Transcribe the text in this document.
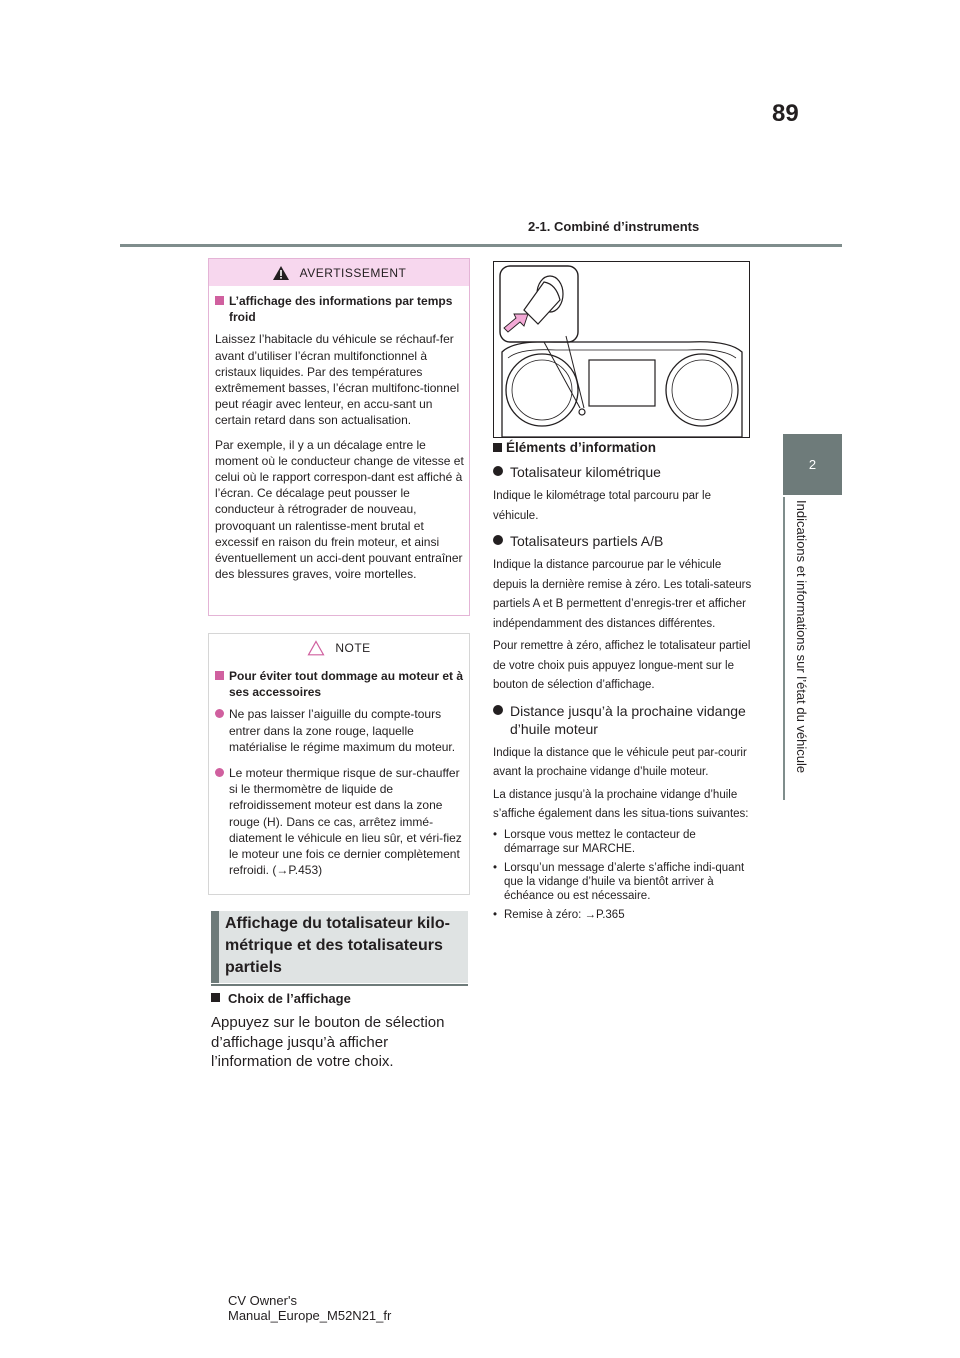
89
2-1. Combiné d’instruments
2
Indications et informations sur l’état du véhicule
AVERTISSEMENT
L’affichage des informations par temps froid

Laissez l’habitacle du véhicule se réchauf-fer avant d’utiliser l’écran multifonctionnel à cristaux liquides. Par des températures extrêmement basses, l’écran multifonc-tionnel peut réagir avec lenteur, en accu-sant un certain retard dans son actualisation.

Par exemple, il y a un décalage entre le moment où le conducteur change de vitesse et celui où le rapport correspon-dant est affiché à l’écran. Ce décalage peut pousser le conducteur à rétrograder de nouveau, provoquant un ralentisse-ment brutal et excessif en raison du frein moteur, et ainsi éventuellement un acci-dent pouvant entraîner des blessures graves, voire mortelles.

NOTE
Pour éviter tout dommage au moteur et à ses accessoires
Ne pas laisser l’aiguille du compte-tours entrer dans la zone rouge, laquelle matérialise le régime maximum du moteur.
Le moteur thermique risque de sur-chauffer si le thermomètre de liquide de refroidissement moteur est dans la zone rouge (H). Dans ce cas, arrêtez immé-diatement le véhicule en lieu sûr, et véri-fiez le moteur une fois ce dernier complètement refroidi. (→P.453)
Affichage du totalisateur kilo-métrique et des totalisateurs partiels
Choix de l’affichage
Appuyez sur le bouton de sélection d’affichage jusqu’à afficher l’information de votre choix.
Éléments d’information
Totalisateur kilométrique

Indique le kilométrage total parcouru par le véhicule.

Totalisateurs partiels A/B

Indique la distance parcourue par le véhicule depuis la dernière remise à zéro. Les totali-sateurs partiels A et B permettent d’enregis-trer et afficher indépendamment des distances différentes.

Pour remettre à zéro, affichez le totalisateur partiel de votre choix puis appuyez longue-ment sur le bouton de sélection d’affichage.

Distance jusqu’à la prochaine vidange d’huile moteur

Indique la distance que le véhicule peut par-courir avant la prochaine vidange d’huile moteur.

La distance jusqu’à la prochaine vidange d’huile s’affiche également dans les situa-tions suivantes:

• Lorsque vous mettez le contacteur de démarrage sur MARCHE.
• Lorsqu’un message d’alerte s’affiche indi-quant que la vidange d’huile va bientôt arriver à échéance ou est nécessaire.
• Remise à zéro: →P.365
CV Owner's Manual_Europe_M52N21_fr
